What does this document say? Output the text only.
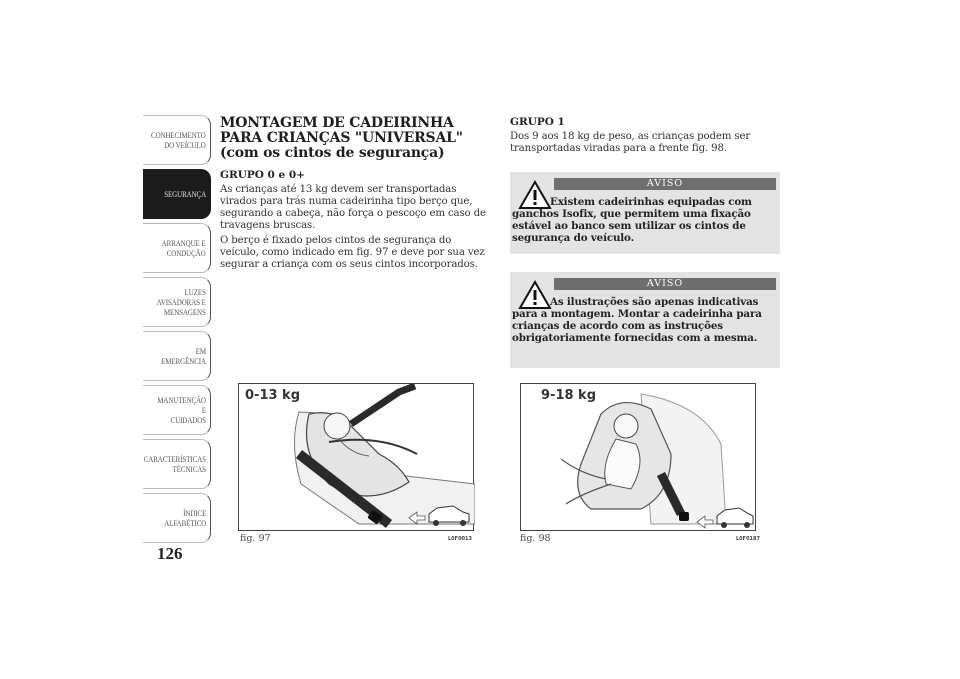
CONHECIMENTO
DO VEÍCULO
SEGURANÇA
ARRANQUE E
CONDUÇÃO
LUZES
AVISADORAS E
MENSAGENS
EM EMERGÊNCIA
MANUTENÇÃO E
CUIDADOS
CARACTERÍSTICAS
TÉCNICAS
ÍNDICE
ALFABÉTICO
126
MONTAGEM DE CADEIRINHA PARA CRIANÇAS "UNIVERSAL" (com os cintos de segurança)
GRUPO 0 e 0+

As crianças até 13 kg devem ser transportadas virados para trás numa cadeirinha tipo berço que, segurando a cabeça, não força o pescoço em caso de travagens bruscas.

O berço é fixado pelos cintos de segurança do veículo, como indicado em fig. 97 e deve por sua vez segurar a criança com os seus cintos incorporados.

GRUPO 1

Dos 9 aos 18 kg de peso, as crianças podem ser transportadas viradas para a frente fig. 98.

AVISO
Existem cadeirinhas equipadas com ganchos Isofix, que permitem uma fixação estável ao banco sem utilizar os cintos de segurança do veículo.
AVISO
As ilustrações são apenas indicativas para a montagem. Montar a cadeirinha para crianças de acordo com as instruções obrigatoriamente fornecidas com a mesma.
0-13 kg
fig. 97	L0F0013
9-18 kg
fig. 98	L0F0187
